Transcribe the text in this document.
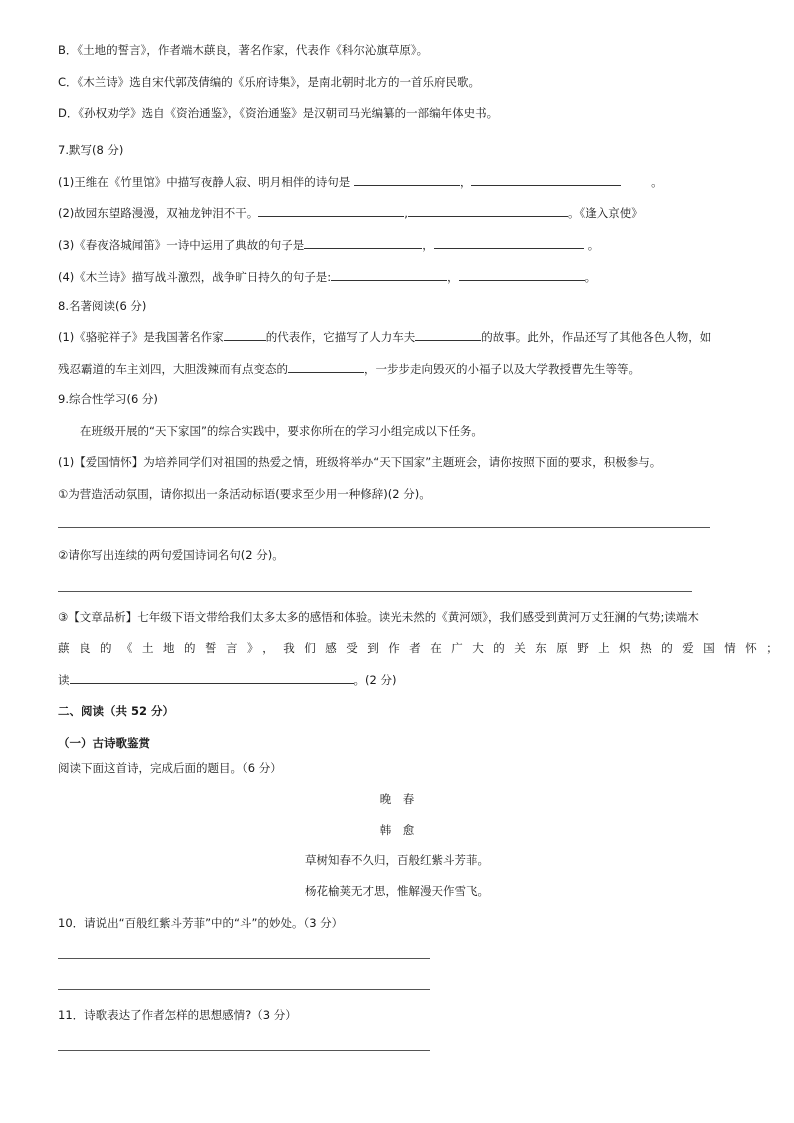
B．《土地的誓言》，作者端木蕻良，著名作家，代表作《科尔沁旗草原》。
C．《木兰诗》选自宋代郭茂倩编的《乐府诗集》，是南北朝时北方的一首乐府民歌。
D．《孙权劝学》选自《资治通鉴》，《资治通鉴》是汉朝司马光编纂的一部编年体史书。
7.默写(8 分)
(1)王维在《竹里馆》中描写夜静人寂、明月相伴的诗句是	，	。
(2)故园东望路漫漫，双袖龙钟泪不干。	,	。《逢入京使》
(3)《春夜洛城闻笛》一诗中运用了典故的句子是	，	。
(4)《木兰诗》描写战斗激烈，战争旷日持久的句子是:	，	。
8.名著阅读(6 分)
(1)《骆驼祥子》是我国著名作家	的代表作，它描写了人力车夫	的故事。此外，作品还写了其他各色人物，如
残忍霸道的车主刘四，大胆泼辣而有点变态的	，一步步走向毁灭的小福子以及大学教授曹先生等等。
9.综合性学习(6 分)
在班级开展的“天下家国”的综合实践中，要求你所在的学习小组完成以下任务。
(1)【爱国情怀】为培养同学们对祖国的热爱之情，班级将举办“天下国家”主题班会，请你按照下面的要求，积极参与。
①为营造活动氛围，请你拟出一条活动标语(要求至少用一种修辞)(2 分)。
②请你写出连续的两句爱国诗词名句(2 分)。
③【文章品析】七年级下语文带给我们太多太多的感悟和体验。读光未然的《黄河颂》，我们感受到黄河万丈狂澜的气势;读端木
蕻良的《土地的誓言》，我们感受到作者在广大的关东原野上炽热的爱国情怀；
读	。(2 分)
二、阅读（共 52 分）
（一）古诗歌鉴赏
阅读下面这首诗，完成后面的题目。（6 分）
晚　春
韩　愈
草树知春不久归，百般红紫斗芳菲。
杨花榆荚无才思，惟解漫天作雪飞。
10．请说出“百般红紫斗芳菲”中的“斗”的妙处。（3 分）
11．诗歌表达了作者怎样的思想感情?（3 分）
